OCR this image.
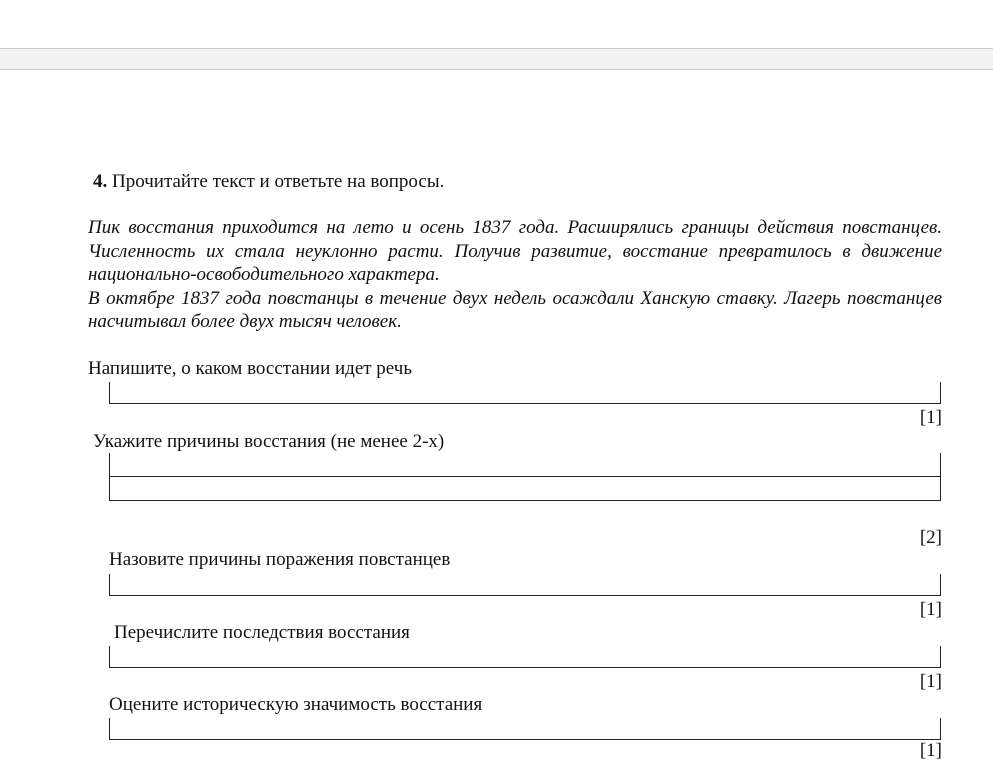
4. Прочитайте текст и ответьте на вопросы.

Пик восстания приходится на лето и осень 1837 года. Расширялись границы действия повстанцев. Численность их стала неуклонно расти. Получив развитие, восстание превратилось в движение национально-освободительного характера.

В октябре 1837 года повстанцы в течение двух недель осаждали Ханскую ставку. Лагерь повстанцев насчитывал более двух тысяч человек.

Напишите, о каком восстании идет речь
[1]
Укажите причины восстания (не менее 2-х)
[2]
Назовите причины поражения повстанцев
[1]
Перечислите последствия восстания
[1]
Оцените историческую значимость восстания
[1]
